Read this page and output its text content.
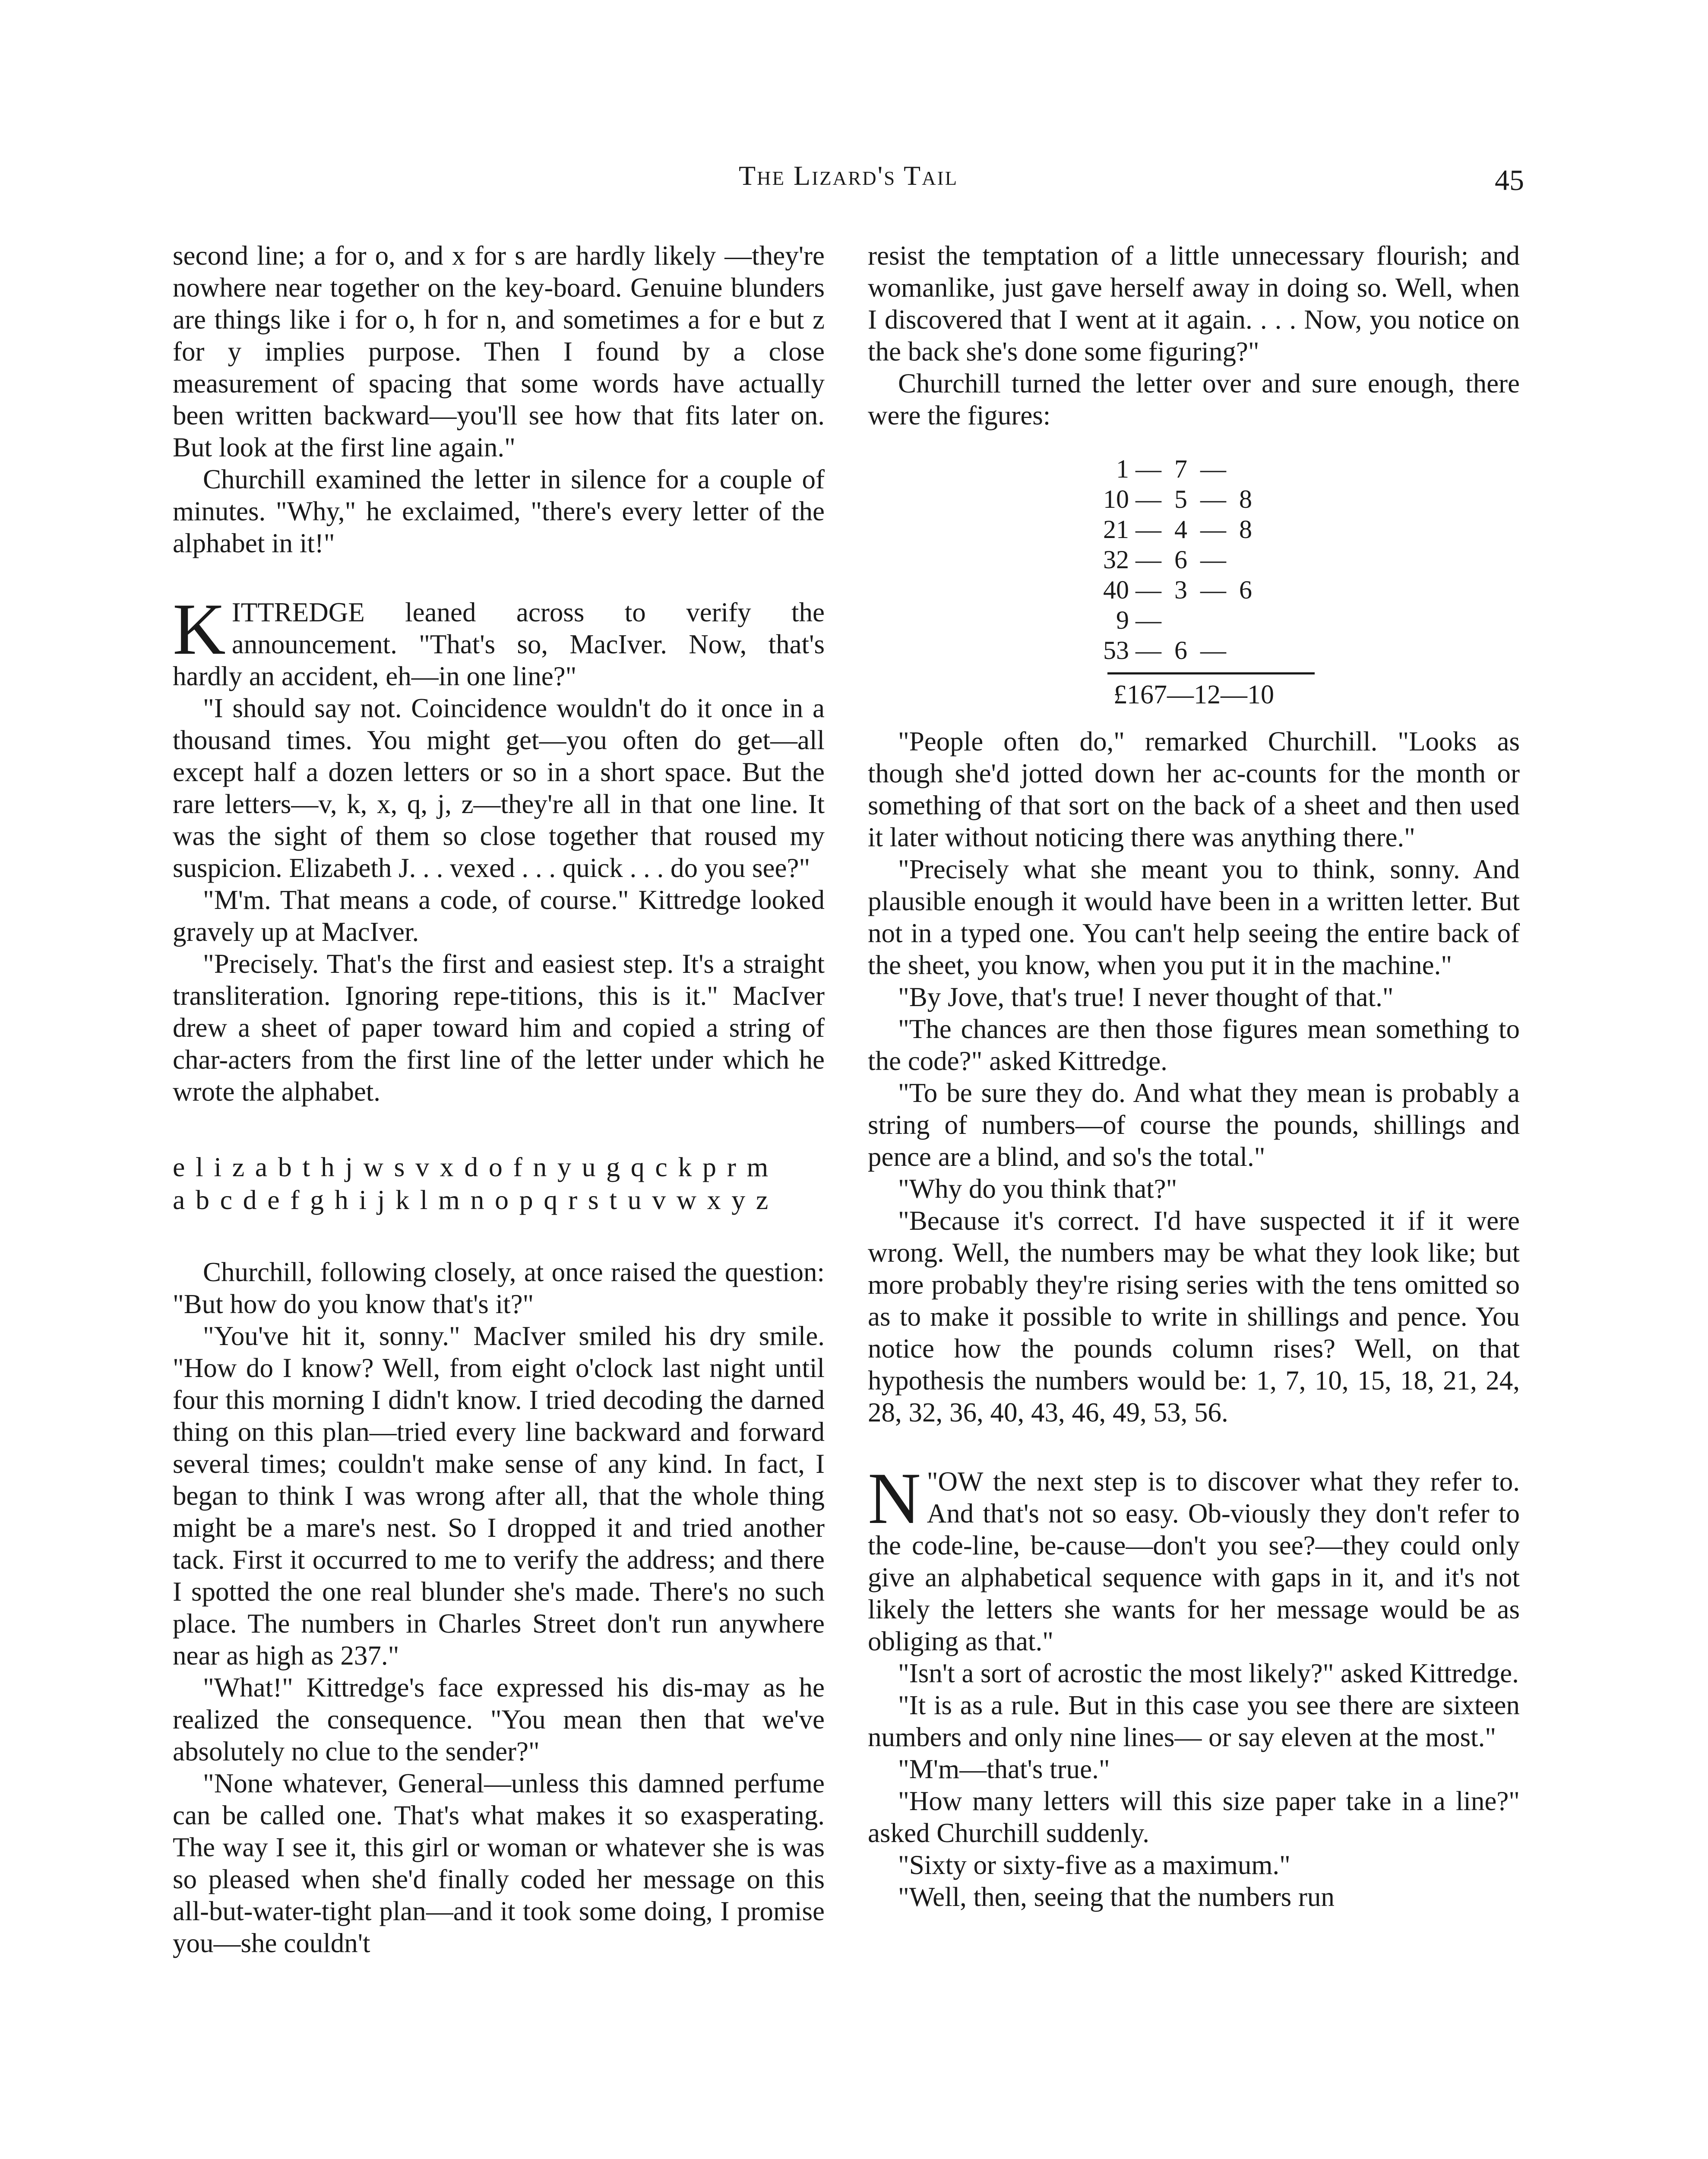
The Lizard's Tail	45

second line; a for o, and x for s are hardly likely —they're nowhere near together on the key-board. Genuine blunders are things like i for o, h for n, and sometimes a for e but z for y implies purpose. Then I found by a close measurement of spacing that some words have actually been written backward—you'll see how that fits later on. But look at the first line again."

Churchill examined the letter in silence for a couple of minutes. "Why," he exclaimed, "there's every letter of the alphabet in it!"

KITTREDGE leaned across to verify the announcement. "That's so, MacIver. Now, that's hardly an accident, eh—in one line?"

"I should say not. Coincidence wouldn't do it once in a thousand times. You might get—you often do get—all except half a dozen letters or so in a short space. But the rare letters—v, k, x, q, j, z—they're all in that one line. It was the sight of them so close together that roused my suspicion. Elizabeth J. . . vexed . . . quick . . . do you see?"

"M'm. That means a code, of course." Kittredge looked gravely up at MacIver.

"Precisely. That's the first and easiest step. It's a straight transliteration. Ignoring repe-titions, this is it." MacIver drew a sheet of paper toward him and copied a string of char-acters from the first line of the letter under which he wrote the alphabet.

e l i z a b t h j w s v x d o f n y u g q c k p r m
a b c d e f g h i j k l m n o p q r s t u v w x y z

Churchill, following closely, at once raised the question: "But how do you know that's it?"

"You've hit it, sonny." MacIver smiled his dry smile. "How do I know? Well, from eight o'clock last night until four this morning I didn't know. I tried decoding the darned thing on this plan—tried every line backward and forward several times; couldn't make sense of any kind. In fact, I began to think I was wrong after all, that the whole thing might be a mare's nest. So I dropped it and tried another tack. First it occurred to me to verify the address; and there I spotted the one real blunder she's made. There's no such place. The numbers in Charles Street don't run anywhere near as high as 237."

"What!" Kittredge's face expressed his dis-may as he realized the consequence. "You mean then that we've absolutely no clue to the sender?"

"None whatever, General—unless this damned perfume can be called one. That's what makes it so exasperating. The way I see it, this girl or woman or whatever she is was so pleased when she'd finally coded her message on this all-but-water-tight plan—and it took some doing, I promise you—she couldn't

resist the temptation of a little unnecessary flourish; and womanlike, just gave herself away in doing so. Well, when I discovered that I went at it again. . . . Now, you notice on the back she's done some figuring?"

Churchill turned the letter over and sure enough, there were the figures:

1 — 7 —
10 — 5 — 8
21 — 4 — 8
32 — 6 —
40 — 3 — 6
9 —
53 — 6 —
£167—12—10

"People often do," remarked Churchill. "Looks as though she'd jotted down her ac-counts for the month or something of that sort on the back of a sheet and then used it later without noticing there was anything there."

"Precisely what she meant you to think, sonny. And plausible enough it would have been in a written letter. But not in a typed one. You can't help seeing the entire back of the sheet, you know, when you put it in the machine."

"By Jove, that's true! I never thought of that."

"The chances are then those figures mean something to the code?" asked Kittredge.

"To be sure they do. And what they mean is probably a string of numbers—of course the pounds, shillings and pence are a blind, and so's the total."

"Why do you think that?"

"Because it's correct. I'd have suspected it if it were wrong. Well, the numbers may be what they look like; but more probably they're rising series with the tens omitted so as to make it possible to write in shillings and pence. You notice how the pounds column rises? Well, on that hypothesis the numbers would be: 1, 7, 10, 15, 18, 21, 24, 28, 32, 36, 40, 43, 46, 49, 53, 56.

"
N OW the next step is to discover what they refer to. And that's not so easy. Ob-viously they don't refer to the code-line, be-cause—don't you see?—they could only give an alphabetical sequence with gaps in it, and it's not likely the letters she wants for her message would be as obliging as that."

"Isn't a sort of acrostic the most likely?" asked Kittredge.

"It is as a rule. But in this case you see there are sixteen numbers and only nine lines— or say eleven at the most."

"M'm—that's true."

"How many letters will this size paper take in a line?" asked Churchill suddenly.

"Sixty or sixty-five as a maximum."

"Well, then, seeing that the numbers run
